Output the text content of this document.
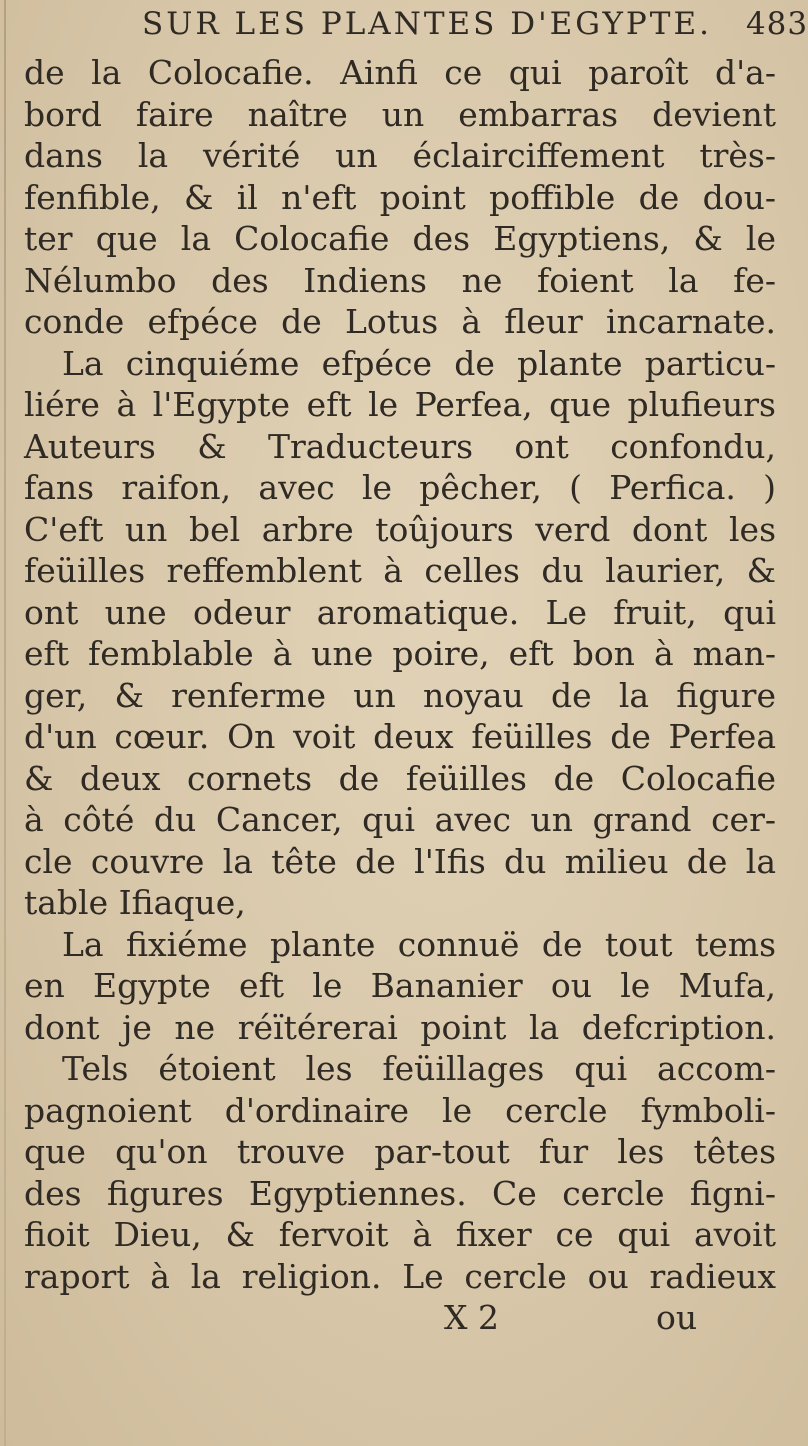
SUR LES PLANTES D'EGYPTE. 483
de la Colocafie. Ainfi ce qui paroît d'a-
bord faire naître un embarras devient
dans la vérité un éclairciffement très-
fenfible, & il n'eft point poffible de dou-
ter que la Colocafie des Egyptiens, & le
Nélumbo des Indiens ne foient la fe-
conde efpéce de Lotus à fleur incarnate.
La cinquiéme efpéce de plante particu-
liére à l'Egypte eft le Perfea, que plufieurs
Auteurs & Traducteurs ont confondu,
fans raifon, avec le pêcher, ( Perfica. )
C'eft un bel arbre toûjours verd dont les
feüilles reffemblent à celles du laurier, &
ont une odeur aromatique. Le fruit, qui
eft femblable à une poire, eft bon à man-
ger, & renferme un noyau de la figure
d'un cœur. On voit deux feüilles de Perfea
& deux cornets de feüilles de Colocafie
à côté du Cancer, qui avec un grand cer-
cle couvre la tête de l'Ifis du milieu de la
table Ifiaque,
La fixiéme plante connuë de tout tems
en Egypte eft le Bananier ou le Mufa,
dont je ne réïtérerai point la defcription.
Tels étoient les feüillages qui accom-
pagnoient d'ordinaire le cercle fymboli-
que qu'on trouve par-tout fur les têtes
des figures Egyptiennes. Ce cercle figni-
fioit Dieu, & fervoit à fixer ce qui avoit
raport à la religion. Le cercle ou radieux
X 2	ou
